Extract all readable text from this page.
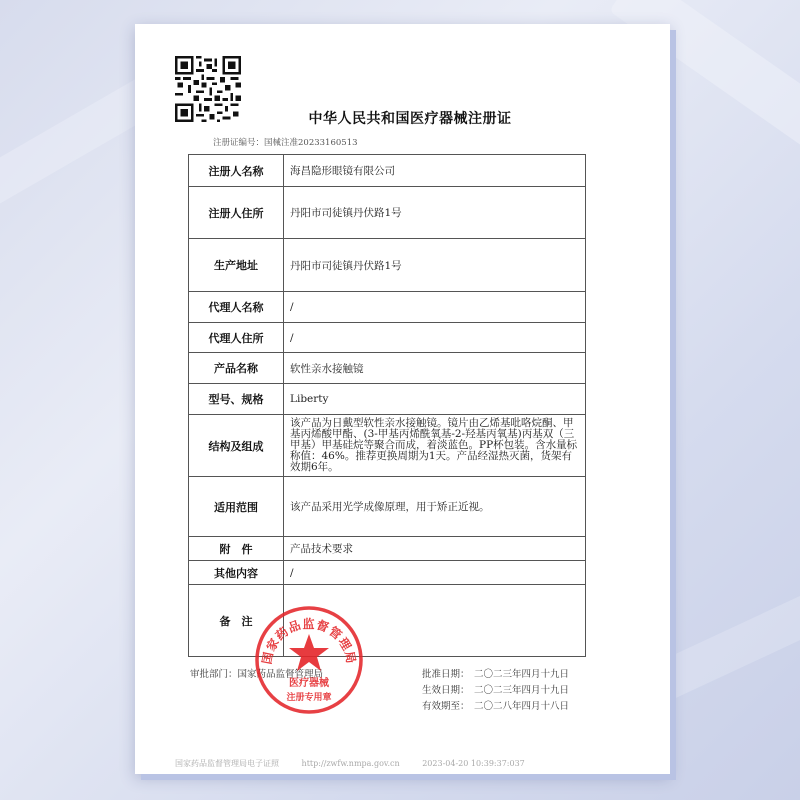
中华人民共和国医疗器械注册证
注册证编号：国械注准20233160513
注册人名称	海昌隐形眼镜有限公司
注册人住所	丹阳市司徒镇丹伏路1号
生产地址	丹阳市司徒镇丹伏路1号
代理人名称	/
代理人住所	/
产品名称	软性亲水接触镜
型号、规格	Liberty
结构及组成	该产品为日戴型软性亲水接触镜。镜片由乙烯基吡咯烷酮、甲基丙烯酸甲酯、(3-甲基丙烯酰氧基-2-羟基丙氧基)丙基双（三甲基）甲基硅烷等聚合而成，着淡蓝色。PP杯包装。含水量标称值：46%。推荐更换周期为1天。产品经湿热灭菌，货架有效期6年。
适用范围	该产品采用光学成像原理，用于矫正近视。
附　件	产品技术要求
其他内容	/
备　注	
审批部门：国家药品监督管理局	批准日期： 二〇二三年四月十九日
生效日期： 二〇二三年四月十九日
有效期至： 二〇二八年四月十八日
国家药品监督管理局
医疗器械
注册专用章
国家药品监督管理局电子证照	http://zwfw.nmpa.gov.cn	2023-04-20 10:39:37:037
